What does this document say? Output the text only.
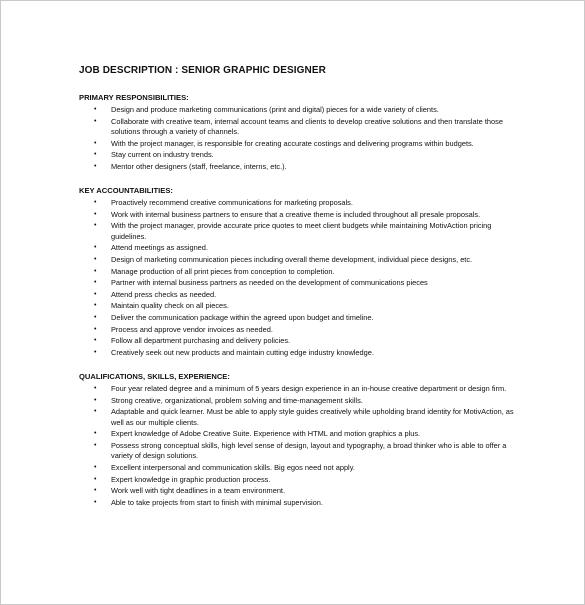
JOB DESCRIPTION : SENIOR GRAPHIC DESIGNER
PRIMARY RESPONSIBILITIES:
• Design and produce marketing communications (print and digital) pieces for a wide variety of clients.
• Collaborate with creative team, internal account teams and clients to develop creative solutions and then translate those solutions through a variety of channels.
• With the project manager, is responsible for creating accurate costings and delivering programs within budgets.
• Stay current on industry trends.
• Mentor other designers (staff, freelance, interns, etc.).
KEY ACCOUNTABILITIES:
• Proactively recommend creative communications for marketing proposals.
• Work with internal business partners to ensure that a creative theme is included throughout all presale proposals.
• With the project manager, provide accurate price quotes to meet client budgets while maintaining MotivAction pricing guidelines.
• Attend meetings as assigned.
• Design of marketing communication pieces including overall theme development, individual piece designs, etc.
• Manage production of all print pieces from conception to completion.
• Partner with internal business partners as needed on the development of communications pieces
• Attend press checks as needed.
• Maintain quality check on all pieces.
• Deliver the communication package within the agreed upon budget and timeline.
• Process and approve vendor invoices as needed.
• Follow all department purchasing and delivery policies.
• Creatively seek out new products and maintain cutting edge industry knowledge.
QUALIFICATIONS, SKILLS, EXPERIENCE:
• Four year related degree and a minimum of 5 years design experience in an in-house creative department or design firm.
• Strong creative, organizational, problem solving and time-management skills.
• Adaptable and quick learner. Must be able to apply style guides creatively while upholding brand identity for MotivAction, as well as our multiple clients.
• Expert knowledge of Adobe Creative Suite. Experience with HTML and motion graphics a plus.
• Possess strong conceptual skills, high level sense of design, layout and typography, a broad thinker who is able to offer a variety of design solutions.
• Excellent interpersonal and communication skills. Big egos need not apply.
• Expert knowledge in graphic production process.
• Work well with tight deadlines in a team environment.
• Able to take projects from start to finish with minimal supervision.
